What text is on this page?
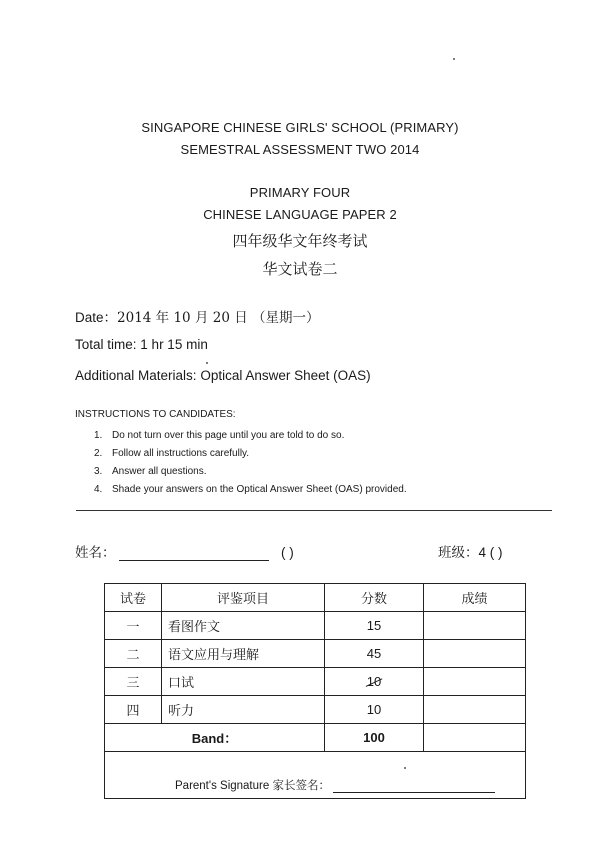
SINGAPORE CHINESE GIRLS' SCHOOL (PRIMARY)
SEMESTRAL ASSESSMENT TWO 2014
PRIMARY FOUR
CHINESE LANGUAGE PAPER 2
四年级华文年终考试
华文试卷二
Date：2014 年 10 月 20 日 （星期一）
Total time: 1 hr 15 min
Additional Materials: Optical Answer Sheet (OAS)
INSTRUCTIONS TO CANDIDATES:
1. Do not turn over this page until you are told to do so.
2. Follow all instructions carefully.
3. Answer all questions.
4. Shade your answers on the Optical Answer Sheet (OAS) provided.
姓名：	( )	班级：4 ( )
试卷	评鉴项目	分数	成绩
一	看图作文	15	
二	语文应用与理解	45	
三	口试	10	
四	听力	10	
Band：		100	

Parent's Signature 家长签名：			
